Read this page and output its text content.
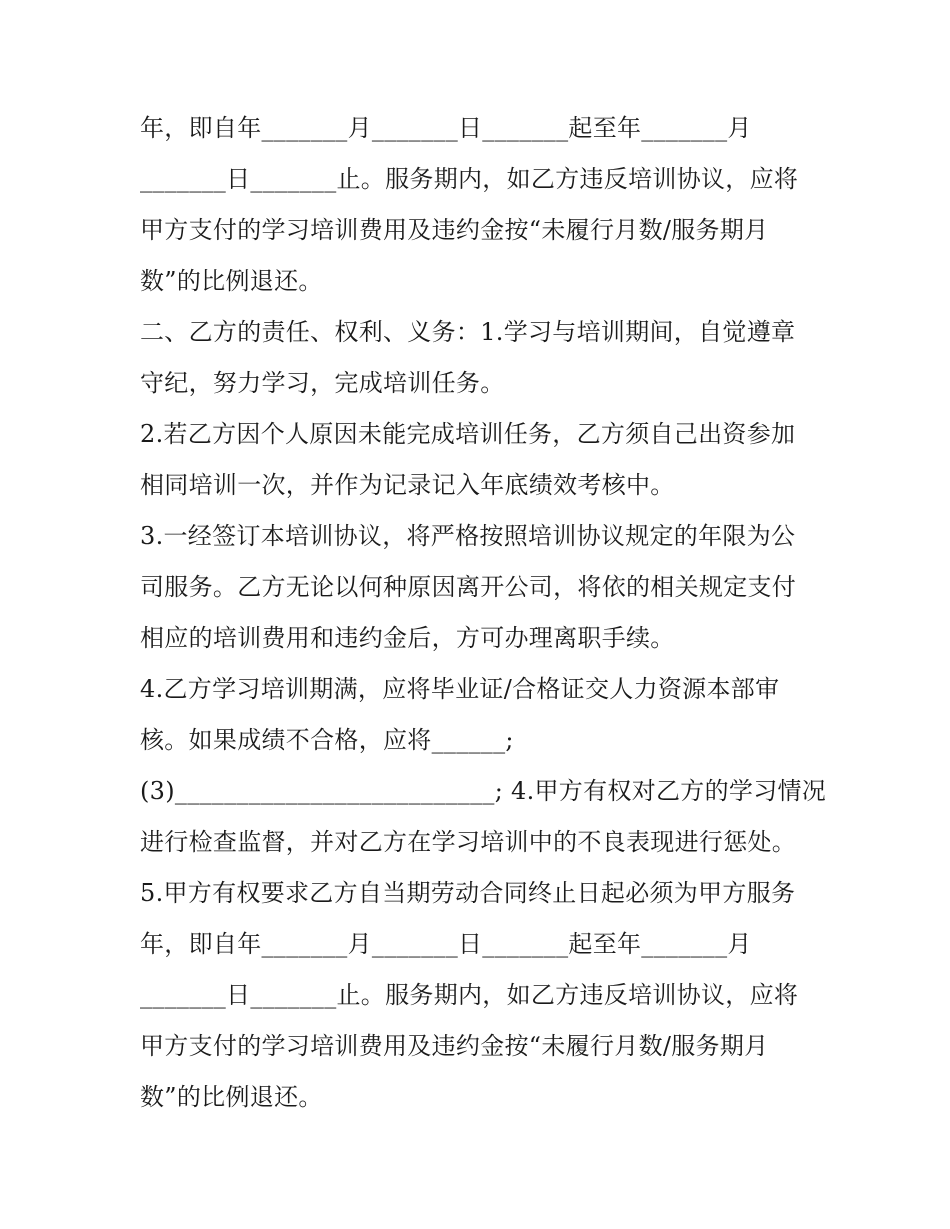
年，即自年_______月_______日_______起至年_______月
_______日_______止。服务期内，如乙方违反培训协议，应将
甲方支付的学习培训费用及违约金按“未履行月数/服务期月
数”的比例退还。
二、乙方的责任、权利、义务：1.学习与培训期间，自觉遵章
守纪，努力学习，完成培训任务。
2.若乙方因个人原因未能完成培训任务，乙方须自己出资参加
相同培训一次，并作为记录记入年底绩效考核中。
3.一经签订本培训协议，将严格按照培训协议规定的年限为公
司服务。乙方无论以何种原因离开公司，将依的相关规定支付
相应的培训费用和违约金后，方可办理离职手续。
4.乙方学习培训期满，应将毕业证/合格证交人力资源本部审
核。如果成绩不合格，应将______;
(3)__________________________; 4.甲方有权对乙方的学习情况
进行检查监督，并对乙方在学习培训中的不良表现进行惩处。
5.甲方有权要求乙方自当期劳动合同终止日起必须为甲方服务
年，即自年_______月_______日_______起至年_______月
_______日_______止。服务期内，如乙方违反培训协议，应将
甲方支付的学习培训费用及违约金按“未履行月数/服务期月
数”的比例退还。
